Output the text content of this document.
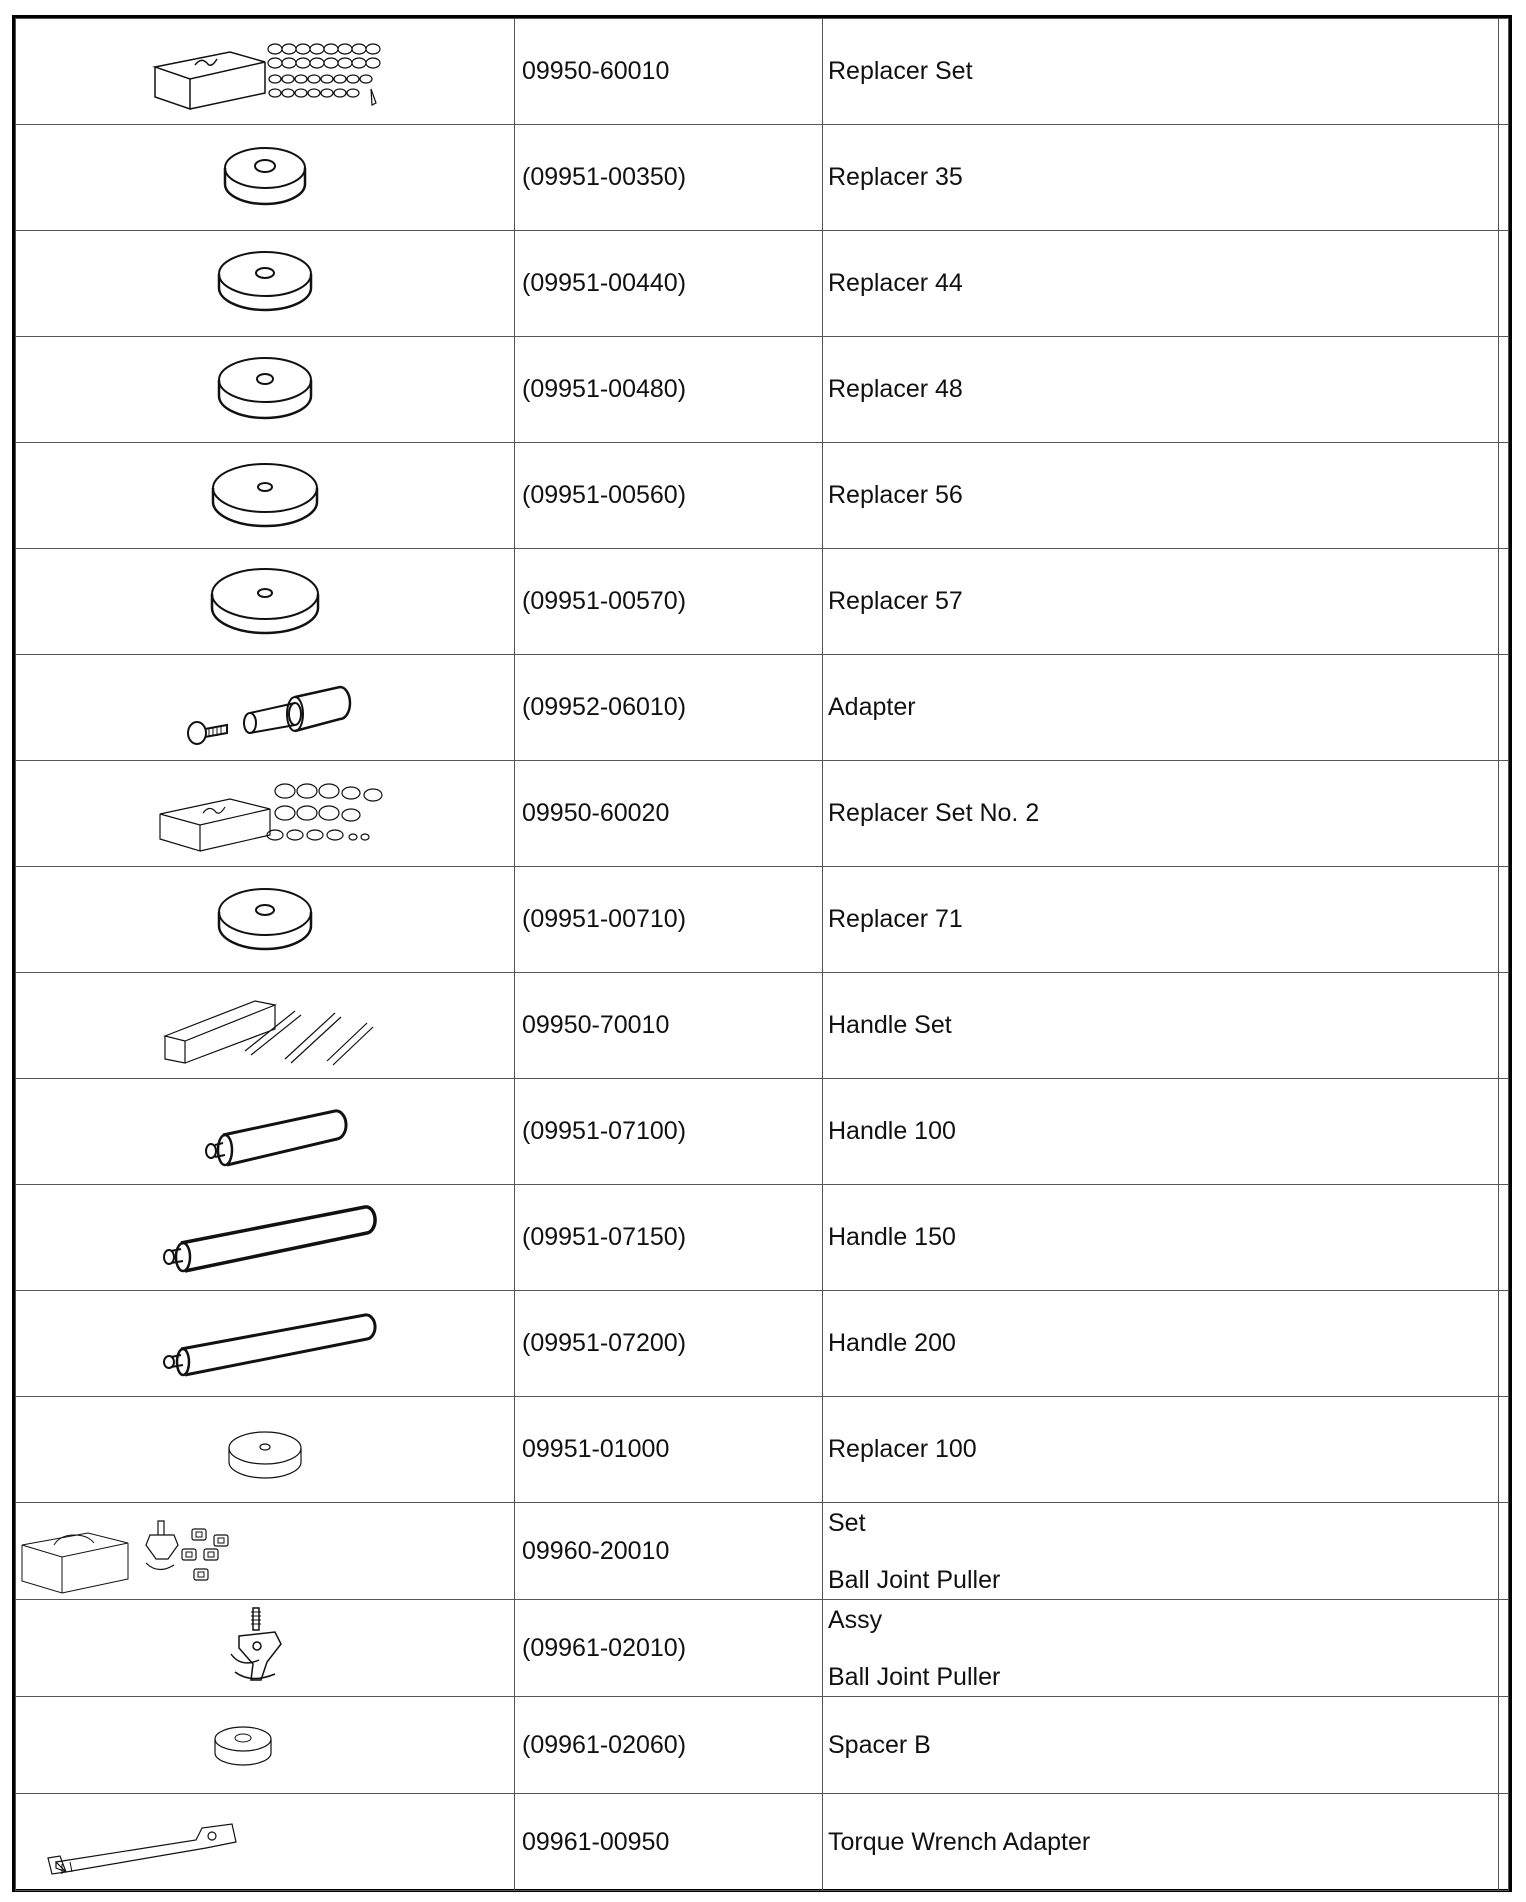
	09950-60010	Replacer Set	

	(09951-00350)	Replacer 35	

	(09951-00440)	Replacer 44	

	(09951-00480)	Replacer 48	

	(09951-00560)	Replacer 56	

	(09951-00570)	Replacer 57	

	(09952-06010)	Adapter	

	09950-60020	Replacer Set No. 2	

	(09951-00710)	Replacer 71	

	09950-70010	Handle Set	

	(09951-07100)	Handle 100	

	(09951-07150)	Handle 150	

	(09951-07200)	Handle 200	

	09951-01000	Replacer 100	

	09960-20010	Set
Ball Joint Puller	

	(09961-02010)	Assy
Ball Joint Puller	

	(09961-02060)	Spacer B	

	09961-00950	Torque Wrench Adapter	
